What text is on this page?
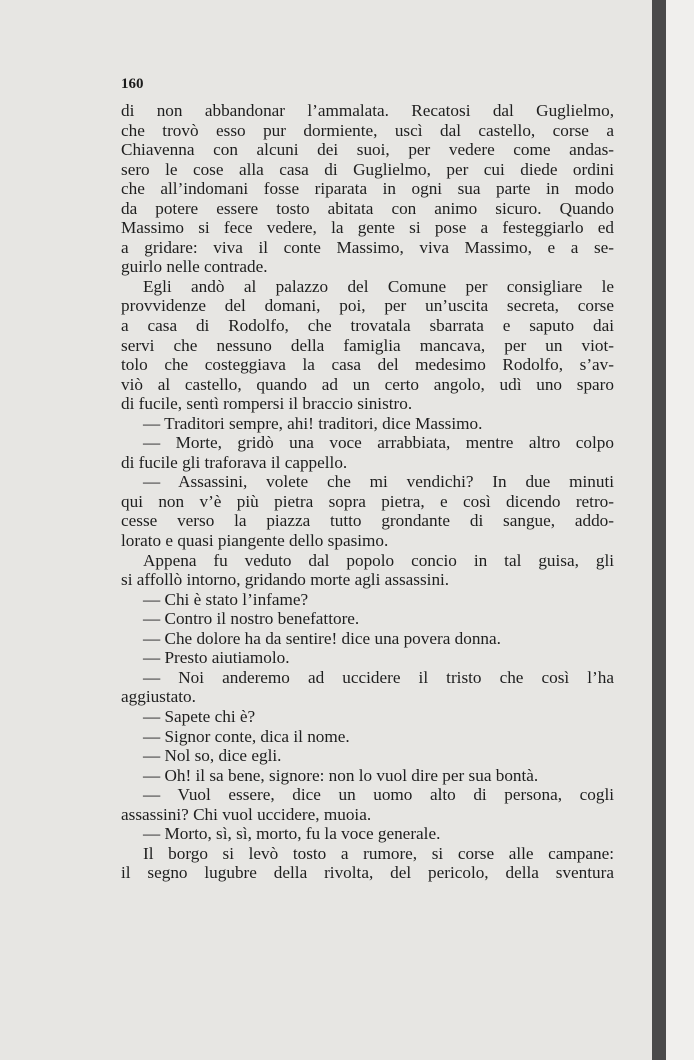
160
di non abbandonar l’ammalata. Recatosi dal Guglielmo,
che trovò esso pur dormiente, uscì dal castello, corse a
Chiavenna con alcuni dei suoi, per vedere come andas-
sero le cose alla casa di Guglielmo, per cui diede ordini
che all’indomani fosse riparata in ogni sua parte in modo
da potere essere tosto abitata con animo sicuro. Quando
Massimo si fece vedere, la gente si pose a festeggiarlo ed
a gridare: viva il conte Massimo, viva Massimo, e a se-
guirlo nelle contrade.
Egli andò al palazzo del Comune per consigliare le
provvidenze del domani, poi, per un’uscita secreta, corse
a casa di Rodolfo, che trovatala sbarrata e saputo dai
servi che nessuno della famiglia mancava, per un viot-
tolo che costeggiava la casa del medesimo Rodolfo, s’av-
viò al castello, quando ad un certo angolo, udì uno sparo
di fucile, sentì rompersi il braccio sinistro.
— Traditori sempre, ahi! traditori, dice Massimo.
— Morte, gridò una voce arrabbiata, mentre altro colpo
di fucile gli traforava il cappello.
— Assassini, volete che mi vendichi? In due minuti
qui non v’è più pietra sopra pietra, e così dicendo retro-
cesse verso la piazza tutto grondante di sangue, addo-
lorato e quasi piangente dello spasimo.
Appena fu veduto dal popolo concio in tal guisa, gli
si affollò intorno, gridando morte agli assassini.
— Chi è stato l’infame?
— Contro il nostro benefattore.
— Che dolore ha da sentire! dice una povera donna.
— Presto aiutiamolo.
— Noi anderemo ad uccidere il tristo che così l’ha
aggiustato.
— Sapete chi è?
— Signor conte, dica il nome.
— Nol so, dice egli.
— Oh! il sa bene, signore: non lo vuol dire per sua bontà.
— Vuol essere, dice un uomo alto di persona, cogli
assassini? Chi vuol uccidere, muoia.
— Morto, sì, sì, morto, fu la voce generale.
Il borgo si levò tosto a rumore, si corse alle campane:
il segno lugubre della rivolta, del pericolo, della sventura
